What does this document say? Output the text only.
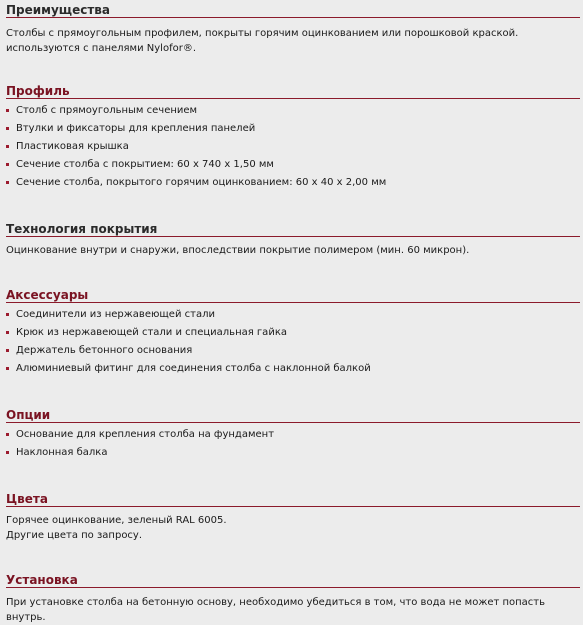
Преимущества

Столбы с прямоугольным профилем, покрыты горячим оцинкованием или порошковой краской. используются с панелями Nylofor®.

Профиль
Столб с прямоугольным сечением
Втулки и фиксаторы для крепления панелей
Пластиковая крышка
Сечение столба с покрытием: 60 х 740 х 1,50 мм
Сечение столба, покрытого горячим оцинкованием: 60 х 40 х 2,00 мм
Технология покрытия

Оцинкование внутри и снаружи, впоследствии покрытие полимером (мин. 60 микрон).

Аксессуары
Соединители из нержавеющей стали
Крюк из нержавеющей стали и специальная гайка
Держатель бетонного основания
Алюминиевый фитинг для соединения столба с наклонной балкой
Опции
Основание для крепления столба на фундамент
Наклонная балка
Цвета

Горячее оцинкование, зеленый RAL 6005.
Другие цвета по запросу.

Установка

При установке столба на бетонную основу, необходимо убедиться в том, что вода не может попасть внутрь.
